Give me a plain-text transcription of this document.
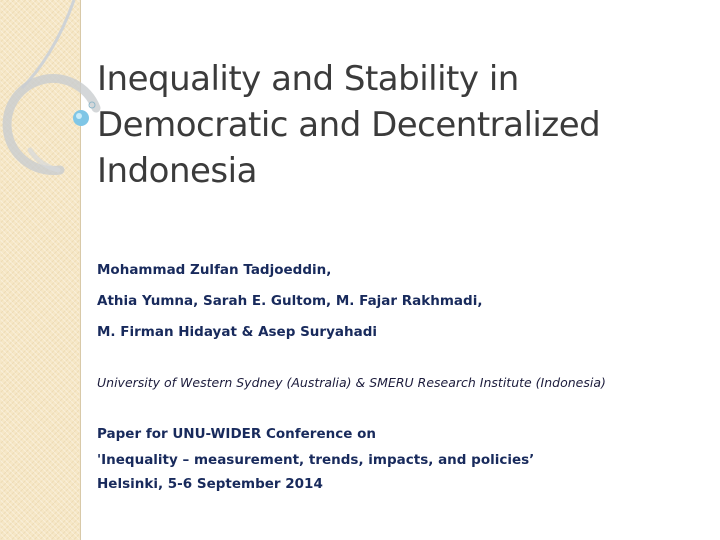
Inequality and Stability in
Democratic and Decentralized
Indonesia
Mohammad Zulfan Tadjoeddin,
Athia Yumna, Sarah E. Gultom, M. Fajar Rakhmadi,
M. Firman Hidayat & Asep Suryahadi
University of Western Sydney (Australia) & SMERU Research Institute (Indonesia)
Paper for UNU-WIDER Conference on
'Inequality – measurement, trends, impacts, and policies’
Helsinki, 5-6 September 2014
